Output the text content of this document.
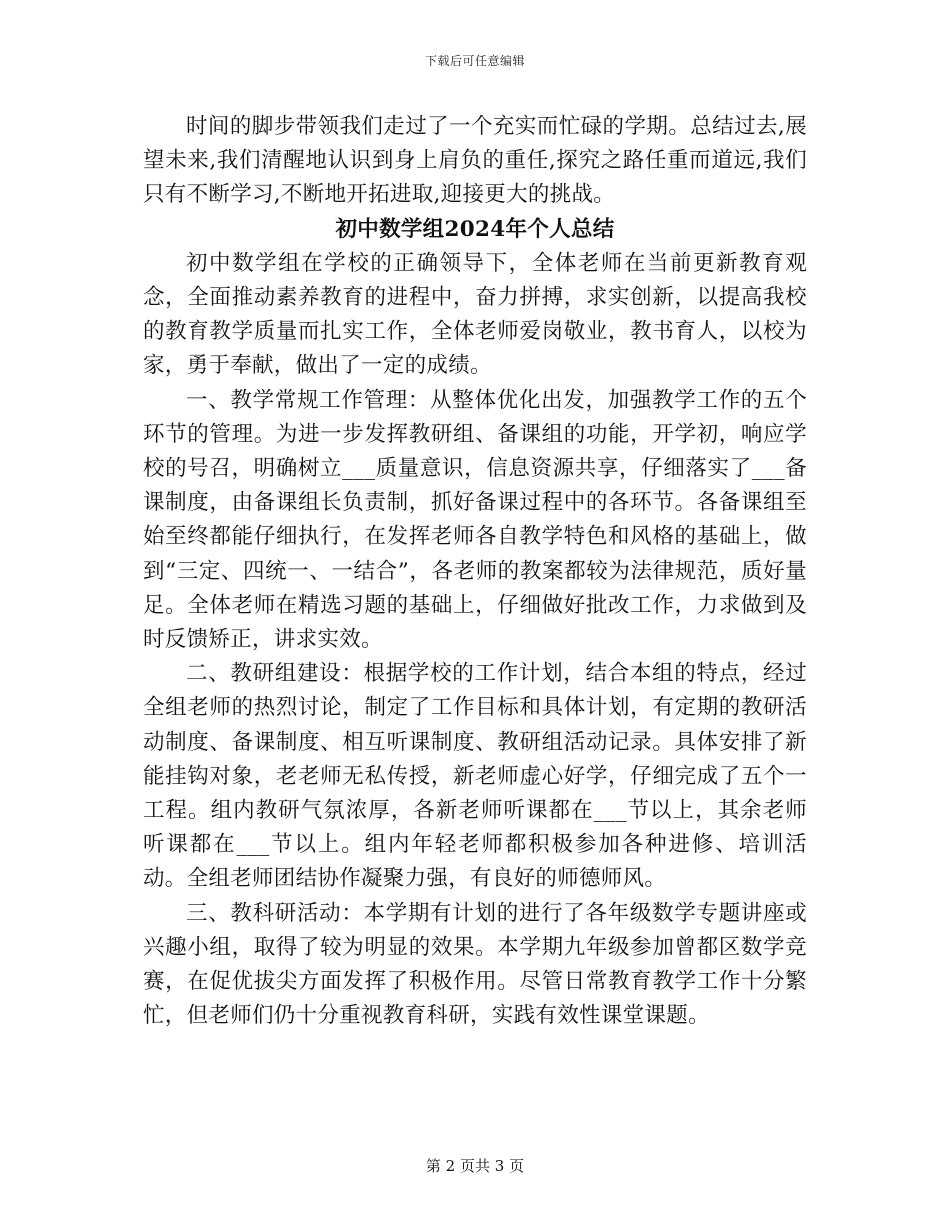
下载后可任意编辑

时间的脚步带领我们走过了一个充实而忙碌的学期。总结过去,展望未来,我们清醒地认识到身上肩负的重任,探究之路任重而道远,我们只有不断学习,不断地开拓进取,迎接更大的挑战。

初中数学组2024年个人总结

初中数学组在学校的正确领导下，全体老师在当前更新教育观念，全面推动素养教育的进程中，奋力拼搏，求实创新，以提高我校的教育教学质量而扎实工作，全体老师爱岗敬业，教书育人，以校为家，勇于奉献，做出了一定的成绩。

一、教学常规工作管理：从整体优化出发，加强教学工作的五个环节的管理。为进一步发挥教研组、备课组的功能，开学初，响应学校的号召，明确树立___质量意识，信息资源共享，仔细落实了___备课制度，由备课组长负责制，抓好备课过程中的各环节。各备课组至始至终都能仔细执行，在发挥老师各自教学特色和风格的基础上，做到“三定、四统一、一结合”，各老师的教案都较为法律规范，质好量足。全体老师在精选习题的基础上，仔细做好批改工作，力求做到及时反馈矫正，讲求实效。

二、教研组建设：根据学校的工作计划，结合本组的特点，经过全组老师的热烈讨论，制定了工作目标和具体计划，有定期的教研活动制度、备课制度、相互听课制度、教研组活动记录。具体安排了新能挂钩对象，老老师无私传授，新老师虚心好学，仔细完成了五个一工程。组内教研气氛浓厚，各新老师听课都在___节以上，其余老师听课都在___节以上。组内年轻老师都积极参加各种进修、培训活动。全组老师团结协作凝聚力强，有良好的师德师风。

三、教科研活动：本学期有计划的进行了各年级数学专题讲座或兴趣小组，取得了较为明显的效果。本学期九年级参加曾都区数学竞赛，在促优拔尖方面发挥了积极作用。尽管日常教育教学工作十分繁忙，但老师们仍十分重视教育科研，实践有效性课堂课题。

第 2 页共 3 页
